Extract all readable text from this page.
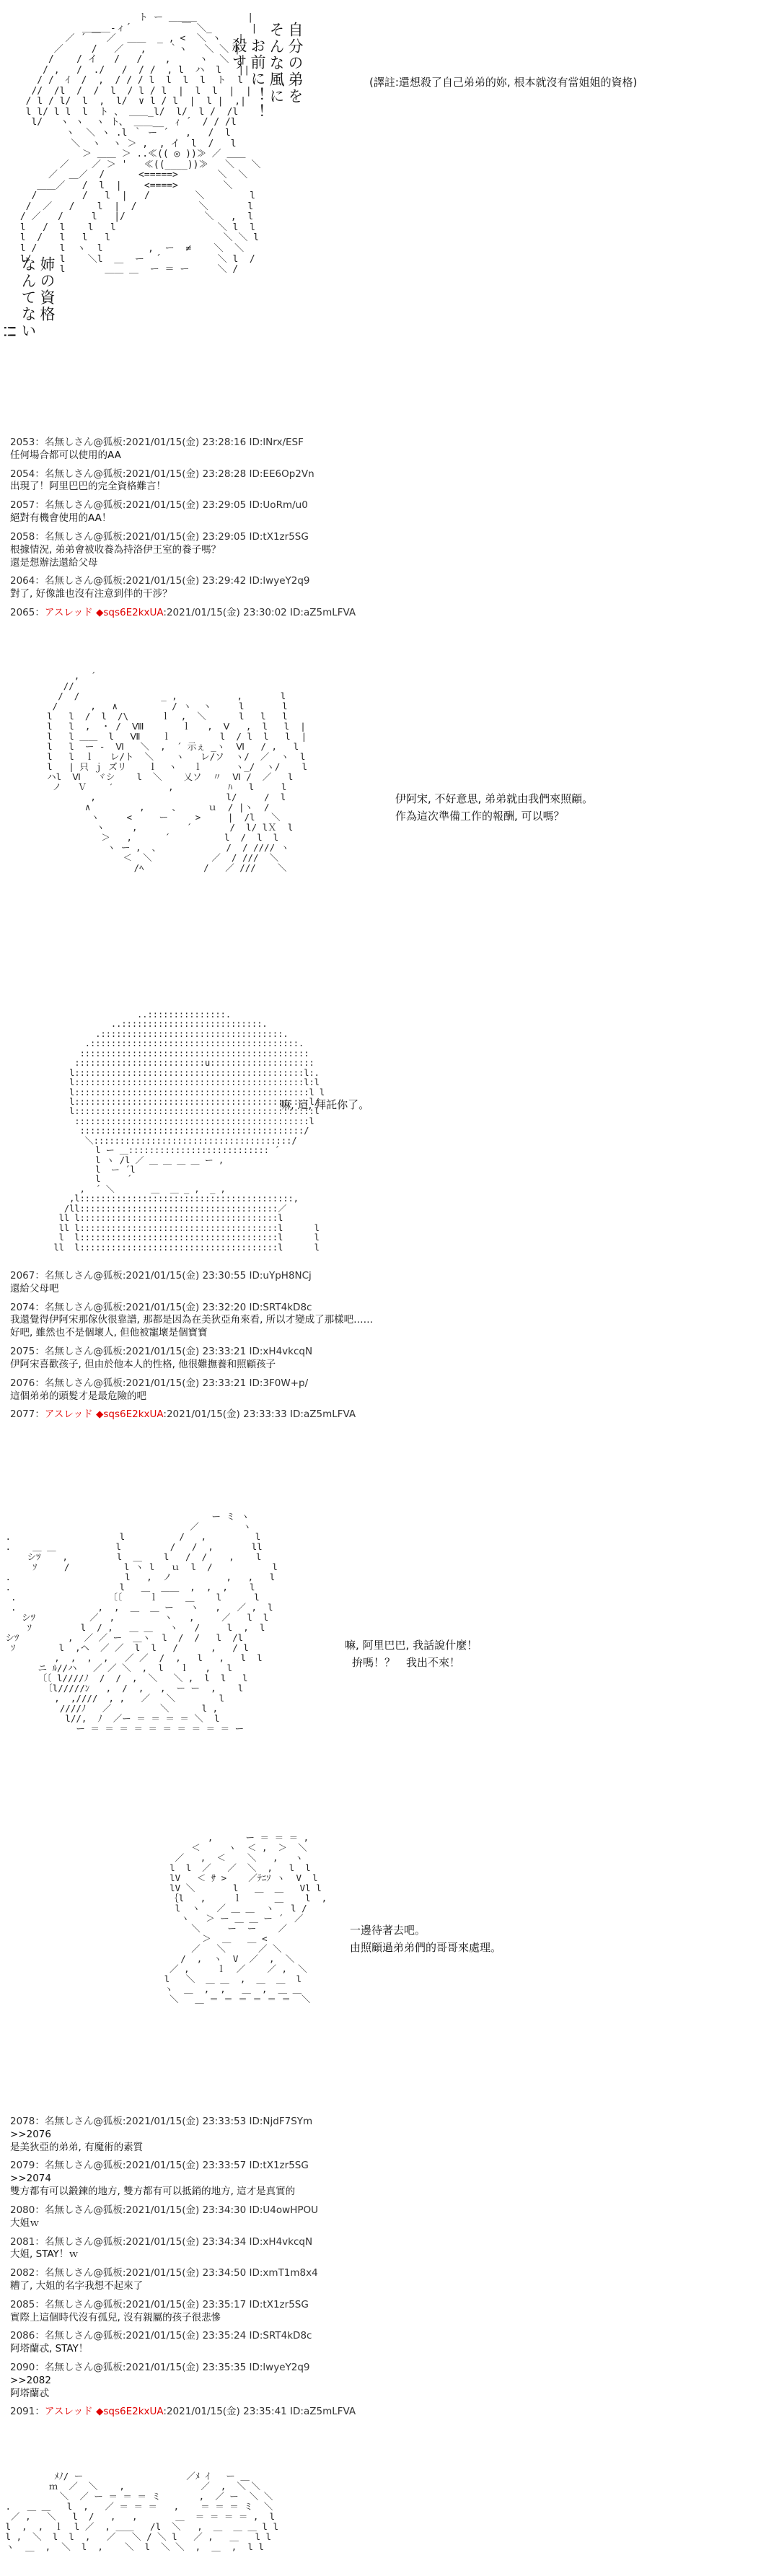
ト ー ＿＿＿         |
＿＿＿-ィ´         ￣ ＼_       |
／ ´ ￣ ／  ＿＿  _ , <  ＼ ヽ   |
／     /   ／   ,    ｀ヽ   ＼ ＼ |
/    / イ   /   /    ,     ヽ  ＼  |
/ ,   /  ./   /  / /  , l  ハ  l   ||
/ /  ｲ  /  ,  / / / l  l  l  l  ト  l
//  /l  /  /  l  / l / l  |  l  l  |  |
/ l / l/  l  ,  l/  ∨ l / l  |  l |  ,|
l l/ l l  l  ト 、 ＿＿_l/  l/  l /  /l
l/   ヽ ヽ  ヽ ト、 ＿＿__  ｨ ´  / / /l
ヽ  ＼ ヽ .l ｀ ー ´   ,   /  l
＼  ヽ  ヽ ＞ ,  , イ  l  /   l
＞ ＿＿ ＞ ..≪(( ◎ ))≫ ／ ＿＿
／    ／ ＞ '   ≪((____))≫   ＼   ＼
／  ＿／  /      <=====>       ＼  ＼
＿＿／   /  l  |    <====>        ＼
/        /   l  |   /        ＼        l
/  ／   /    l  |  /           ＼       l
/ ／   /     l   |/              ＼   ,  l
l   /  l    l   l                  ＼ l  l
l  /   l   l   l                    ＼ ＼ l
l /    l  ヽ  l        ,  ー  ≠    ＼  ＼
l/     l    ＼l  ＿  ー  ´          ＼ l  /
l       ＿＿ ＿  ー ＝ ー     ＼ /

自分の弟を
そんな風に
お前に！！
殺す
姉の資格
なんてない
!!
(譯註:還想殺了自己弟弟的妳, 根本就沒有當姐姐的資格)
2053：名無しさん@狐板:2021/01/15(金) 23:28:16 ID:lNrx/ESF
任何場合都可以使用的AA
2054：名無しさん@狐板:2021/01/15(金) 23:28:28 ID:EE6Op2Vn
出現了！阿里巴巴的完全資格難言！
2057：名無しさん@狐板:2021/01/15(金) 23:29:05 ID:UoRm/u0
絕對有機會使用的AA！
2058：名無しさん@狐板:2021/01/15(金) 23:29:05 ID:tX1zr5SG
根據情況, 弟弟會被收養為持洛伊王室的養子嗎？
還是想辦法還給父母
2064：名無しさん@狐板:2021/01/15(金) 23:29:42 ID:lwyeY2q9
對了, 好像誰也沒有注意到伴的干涉？
2065：アスレッド ◆sqs6E2kxUA:2021/01/15(金) 23:30:02 ID:aZ5mLFVA
,  ´
//
/  /               _ ,           ,       l
/      ,   ∧          / ヽ  ヽ     l       l
l   l  /  l  /\      ｌ  ,  ＼      l   l   l
l   l  ,  ・ /  Ⅷ       ｌ   ,  Ⅴ   ,  l   l  |
l   l ＿＿  l   Ⅶ    ｌ         l  / l  l   l  |
l   l  ー ‐  Ⅵ   ＼  ,  ´ 示ぇ _ヽ  Ⅵ   / ,   l
l   l  ｌ   レ/ト  ＼    ヽ   レ/ソ  ヽ/  ／  ヽ  l
l   | 只 ｊ ズリ    ｌ  ヽ   ｌ      ヽ_/  ヽ/    l
ハl  Ⅵ   ヾシ    l  ＼    乂ソ  〃  Ⅵ /  ／   l
ノ   Ｖ    ′          ,          ﾊ   l     l
,                        l/     /  l
∧         ,     、     ｕ  / |ヽ  /
ヽ     <     ー     >     |  /l   ＼
ヽ     ,         ´       /  l/ lＸ  l
＞   ,      ´          l  /  l  l
ヽ ー ,  、            /  / //// ヽ
＜  ＼           ／  / ///  ＼
/ﾍ           /   ／ ///    ＼

伊阿宋, 不好意思, 弟弟就由我們來照顧。
作為這次準備工作的報酬, 可以嗎？
..:::::::::::::::.
..:::::::::::::::::::::::::::.
.:::::::::::::::::::::::::::::::::::.
.::::::::::::::::::::::::::::::::::::::::.
::::::::::::::::::::::::::::::::::::::::::::
:::::::::::::::::::::::::u::::::::::::::::::::
l::::::::::::::::::::::::::::::::::::::::::::l:.
l::::::::::::::::::::::::::::::::::::::::::::l:l
l:::::::::::::::::::::::::::::::::::::::::::::l l
l:::::::::::::::::::::::::::::::::::::::::::::l/
l::::::::::::::::::::::::::::::::::::::::::::::l
:::::::::::::::::::::::::::::::::::::::::::::l
:::::::::::::::::::::::::::::::::::::::::::/
＼::::::::::::::::::::::::::::::::::::::/
l ー ＿::::::::::::::::::::::::::: ´
l ヽ /l ／ ＿ ＿ ＿ ＿ ー ,
l  ー ´l
l     ´
,  ´ ＼       ＿  ＿ _ ,  _ ,
,l:::::::::::::::::::::::::::::::::::::::::,
/ll::::::::::::::::::::::::::::::::::::::／
ll l::::::::::::::::::::::::::::::::::::::l
ll l::::::::::::::::::::::::::::::::::::::l      l
l  l::::::::::::::::::::::::::::::::::::::l      l
ll  l::::::::::::::::::::::::::::::::::::::l      l

嘛, 這, 拜託你了。
2067：名無しさん@狐板:2021/01/15(金) 23:30:55 ID:uYpH8NCj
還給父母吧
2074：名無しさん@狐板:2021/01/15(金) 23:32:20 ID:SRT4kD8c
我還覺得伊阿宋那傢伙很靠譜, 那都是因為在美狄亞角來看, 所以才變成了那樣吧……
好吧, 雖然也不是個壞人, 但他被寵壞是個寶寶
2075：名無しさん@狐板:2021/01/15(金) 23:33:21 ID:xH4vkcqN
伊阿宋喜歡孩子, 但由於他本人的性格, 他很難撫養和照顧孩子
2076：名無しさん@狐板:2021/01/15(金) 23:33:21 ID:3F0W+p/
這個弟弟的頭髮才是最危險的吧
2077：アスレッド ◆sqs6E2kxUA:2021/01/15(金) 23:33:33 ID:aZ5mLFVA
ー ミ ヽ
／        ヽ
.                    l          /   ,         l
.    ＿ ＿           l         /   /  ,       ll
シﾂ    ,         l  ＿    l   /  /    ,    l
ｿ     /          l ヽ l   ｕ  l  /           l
.                     l   ,  ノ          ,   ,   l
.                    l   ＿  ＿＿  ,  ,  ,    l
.                 〔〔     ｌ     ＿    l      l
.               ,  ,  ＿  ＿ ー   ヽ   ,   ／ ,  l
シﾂ          ／  ,         ヽ   ,     ／   l  l
ｿ         l  / ,   ＿ ＿   ヽ   /     l  ,  l
シﾂ         ,  ／ ／ ー  ＿ヽ  l  /  /   l  /l
ｿ        l  ,ヘ  ／ ／  l  l   /      ,   / l
,  ,  ,  ,   ／ ／  /  ,   l   ,   l  l
ニ ﾙ//ハ   ／ ／ ＼  ,  l   ｌ   ,   l
〔〔 l////ﾉ  /  /  ,  ＼   ＼ ,  l  l   l
〔l/////ﾝ   ,  /  ,   ,  ー ー  ,    l
,  ,////  , ,   ／   ＼        l
////ﾉ   ／         ＼      l ,
l//,  ﾉ  ／ー ＝ ＝ ＝ ＝ ＼  l
ー ＝ ＝ ＝ ＝ ＝ ＝ ＝ ＝ ＝ ＝ ー

嘛, 阿里巴巴, 我話說什麼！
拚嗎！？　我出不來！
,      ー ＝ ＝ ＝ ,
＜     ヽ  ＜ ,  ＞  ＼
／   ,  ＜    ＼   ,   ヽ
l  l  ／   ／  ＼  ,   l  l
lV   ＜ ｻ >    ／ﾃﾆｿ ヽ  V  l
lV ＼       l   ＿  ＿   Vl l
｛l   ,     ｌ      ＿    l  ,
l  ヽ   ／ ＿ ＿  ヽ   l /
ヽ   ＞ ー ＿ ＿ ー ´  ／
＼     ー  ー    ／
＞  ＿   ＿ <
／   ＼      ／ ＼
/  ,  ヽ  V  ／  ,  ＼
／ ,     ｌ  ／    ／ ,  ＼
l   ＼  ＿ ＿  ,  ＿  ＿  l
ヽ  ＿  ,  ,   ＿  ,  ＿ ＿
＼   ＿ ＝ ＝ ＝ ＝ ＝ ＝  ＼

一邊待著去吧。
由照顧過弟弟們的哥哥來處理。
2078：名無しさん@狐板:2021/01/15(金) 23:33:53 ID:NjdF7SYm
>>2076
是美狄亞的弟弟, 有魔術的素質
2079：名無しさん@狐板:2021/01/15(金) 23:33:57 ID:tX1zr5SG
>>2074
雙方都有可以鍛鍊的地方, 雙方都有可以抵銷的地方, 這才是真實的
2080：名無しさん@狐板:2021/01/15(金) 23:34:30 ID:U4owHPOU
大姐ｗ
2081：名無しさん@狐板:2021/01/15(金) 23:34:34 ID:xH4vkcqN
大姐, STAY！ｗ
2082：名無しさん@狐板:2021/01/15(金) 23:34:50 ID:xmT1m8x4
糟了, 大姐的名字我想不起來了
2085：名無しさん@狐板:2021/01/15(金) 23:35:17 ID:tX1zr5SG
實際上這個時代沒有孤兒, 沒有親屬的孩子很悲慘
2086：名無しさん@狐板:2021/01/15(金) 23:35:24 ID:SRT4kD8c
阿塔蘭忒, STAY！
2090：名無しさん@狐板:2021/01/15(金) 23:35:35 ID:lwyeY2q9
>>2082
阿塔蘭忒
2091：アスレッド ◆sqs6E2kxUA:2021/01/15(金) 23:35:41 ID:aZ5mLFVA
ﾒﾉ/ ー                   ／ﾒ ｲ   ー ＿
ｍ  ／  ＼    ,              ／  ,  ＼ ＼
＼  ／ ー ＝ ＝ ＝ ミ       ,  ／ ー  ＼ ＼
.   ＿ ＿   l  ,   ／ ＝ ＝ ＝   ,    ＝ ＝ ＝ ミ  ＼
／ ,   ＼   l  /   ,   ,       ＿  ＝ ＝ ＝ ＝ ,  l
l  ,  ,  ｌ  l ／  , ＿＿   /l  ＼   ,  ＿  ＿ ＿ l l
l ,  ＼  l  l  ,   ／   ＼ / ＼ l   ／ ,   ＿   l l
ヽ  ＿  ,  ＼  l  ,    ＼  l  ＼ ＼  ,  ＿  ,  l l
